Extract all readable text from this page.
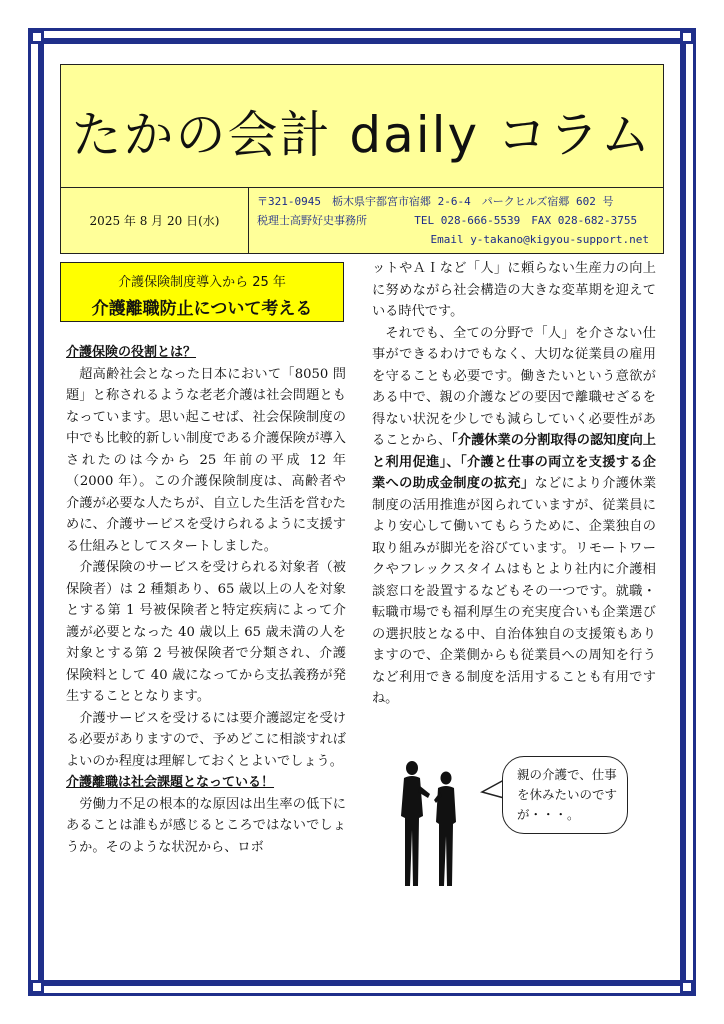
たかの会計 daily コラム
2025 年 8 月 20 日(水)
〒321-0945　栃木県宇都宮市宿郷 2-6-4　パークヒルズ宿郷 602 号
税理士高野好史事務所	TEL 028-666-5539　FAX 028-682-3755
Email y-takano@kigyou-support.net
介護保険制度導入から 25 年
介護離職防止について考える
介護保険の役割とは？

超高齢社会となった日本において「8050 問題」と称されるような老老介護は社会問題ともなっています。思い起こせば、社会保険制度の中でも比較的新しい制度である介護保険が導入されたのは今から 25 年前の平成 12 年（2000 年）。この介護保険制度は、高齢者や介護が必要な人たちが、自立した生活を営むために、介護サービスを受けられるように支援する仕組みとしてスタートしました。

介護保険のサービスを受けられる対象者（被保険者）は 2 種類あり、65 歳以上の人を対象とする第 1 号被保険者と特定疾病によって介護が必要となった 40 歳以上 65 歳未満の人を対象とする第 2 号被保険者で分類され、介護保険料として 40 歳になってから支払義務が発生することとなります。

介護サービスを受けるには要介護認定を受ける必要がありますので、予めどこに相談すればよいのか程度は理解しておくとよいでしょう。

介護離職は社会課題となっている！

労働力不足の根本的な原因は出生率の低下にあることは誰もが感じるところではないでしょうか。そのような状況から、ロボ

ットやＡＩなど「人」に頼らない生産力の向上に努めながら社会構造の大きな変革期を迎えている時代です。

それでも、全ての分野で「人」を介さない仕事ができるわけでもなく、大切な従業員の雇用を守ることも必要です。働きたいという意欲がある中で、親の介護などの要因で離職せざるを得ない状況を少しでも減らしていく必要性があることから、「介護休業の分割取得の認知度向上と利用促進」、「介護と仕事の両立を支援する企業への助成金制度の拡充」などにより介護休業制度の活用推進が図られていますが、従業員により安心して働いてもらうために、企業独自の取り組みが脚光を浴びています。リモートワークやフレックスタイムはもとより社内に介護相談窓口を設置するなどもその一つです。就職・転職市場でも福利厚生の充実度合いも企業選びの選択肢となる中、自治体独自の支援策もありますので、企業側からも従業員への周知を行うなど利用できる制度を活用することも有用ですね。

親の介護で、仕事を休みたいのですが・・・。
